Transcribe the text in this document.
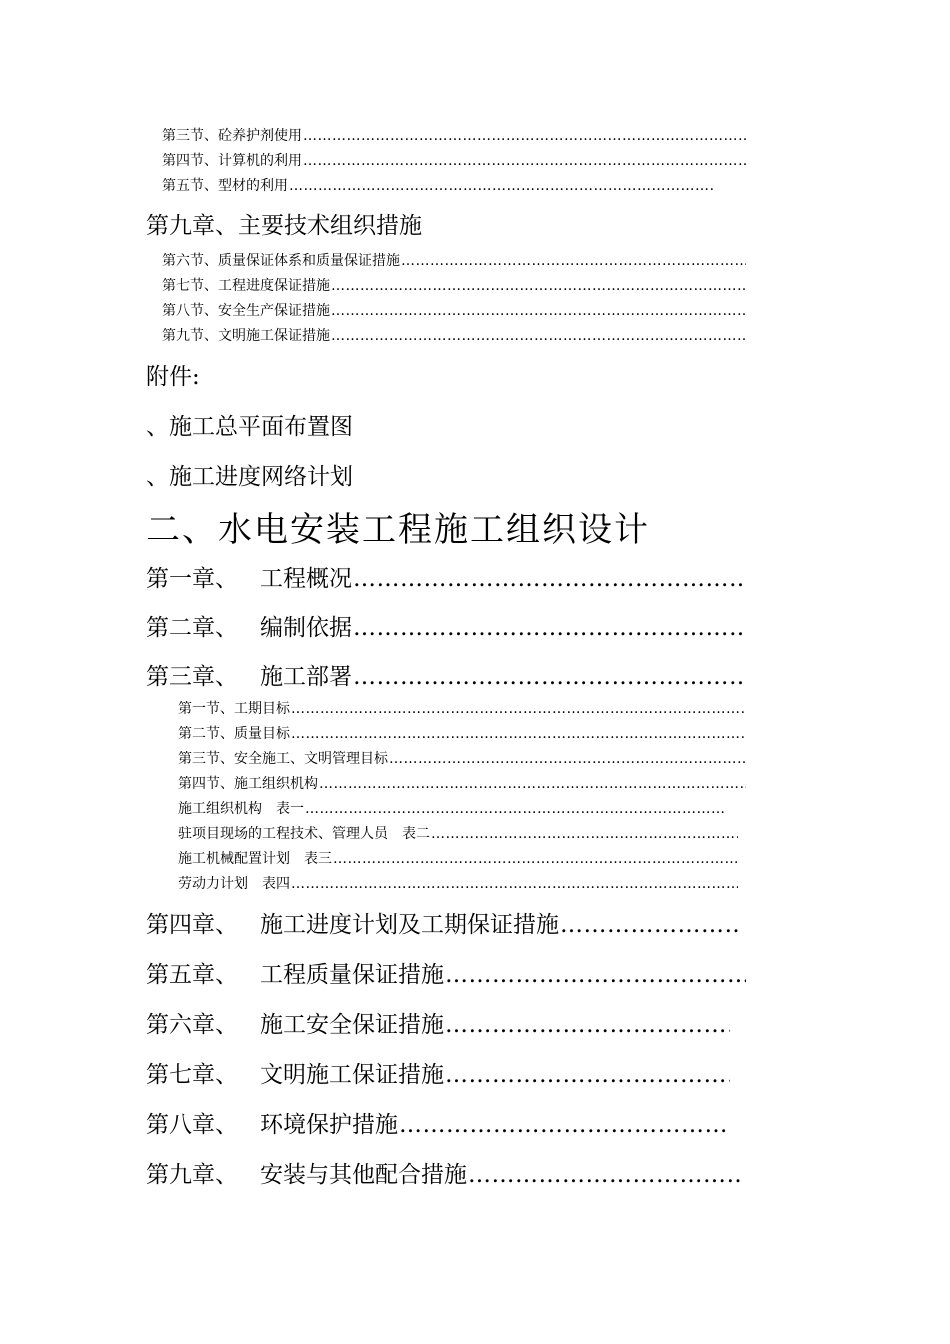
第三节、砼养护剂使用
…………………………………………………………………………………………………………………………………………………………………………………………………………………………………………
第四节、计算机的利用
…………………………………………………………………………………………………………………………………………………………………………………………………………………………………………
第五节、型材的利用
…………………………………………………………………………………………………………………………………………………………………………………………………………………………………………
第九章、主要技术组织措施
第六节、质量保证体系和质量保证措施
…………………………………………………………………………………………………………………………………………………………………………………………………………………………………………
第七节、工程进度保证措施
…………………………………………………………………………………………………………………………………………………………………………………………………………………………………………
第八节、安全生产保证措施
…………………………………………………………………………………………………………………………………………………………………………………………………………………………………………
第九节、文明施工保证措施
…………………………………………………………………………………………………………………………………………………………………………………………………………………………………………
附件:
、施工总平面布置图
、施工进度网络计划
二、水电安装工程施工组织设计
第一章、 工程概况
…………………………………………………………………………………………………………………………………………………………………………………………………………………………………………
第二章、 编制依据
…………………………………………………………………………………………………………………………………………………………………………………………………………………………………………
第三章、 施工部署
…………………………………………………………………………………………………………………………………………………………………………………………………………………………………………
第一节、工期目标
…………………………………………………………………………………………………………………………………………………………………………………………………………………………………………
第二节、质量目标
…………………………………………………………………………………………………………………………………………………………………………………………………………………………………………
第三节、安全施工、文明管理目标
…………………………………………………………………………………………………………………………………………………………………………………………………………………………………………
第四节、施工组织机构
…………………………………………………………………………………………………………………………………………………………………………………………………………………………………………
施工组织机构　表一
…………………………………………………………………………………………………………………………………………………………………………………………………………………………………………
驻项目现场的工程技术、管理人员　表二
…………………………………………………………………………………………………………………………………………………………………………………………………………………………………………
施工机械配置计划　表三
…………………………………………………………………………………………………………………………………………………………………………………………………………………………………………
劳动力计划　表四
…………………………………………………………………………………………………………………………………………………………………………………………………………………………………………
第四章、 施工进度计划及工期保证措施
…………………………………………………………………………………………………………………………………………………………………………………………………………………………………………
第五章、 工程质量保证措施
…………………………………………………………………………………………………………………………………………………………………………………………………………………………………………
第六章、 施工安全保证措施
…………………………………………………………………………………………………………………………………………………………………………………………………………………………………………
第七章、 文明施工保证措施
…………………………………………………………………………………………………………………………………………………………………………………………………………………………………………
第八章、 环境保护措施
…………………………………………………………………………………………………………………………………………………………………………………………………………………………………………
第九章、 安装与其他配合措施
…………………………………………………………………………………………………………………………………………………………………………………………………………………………………………
